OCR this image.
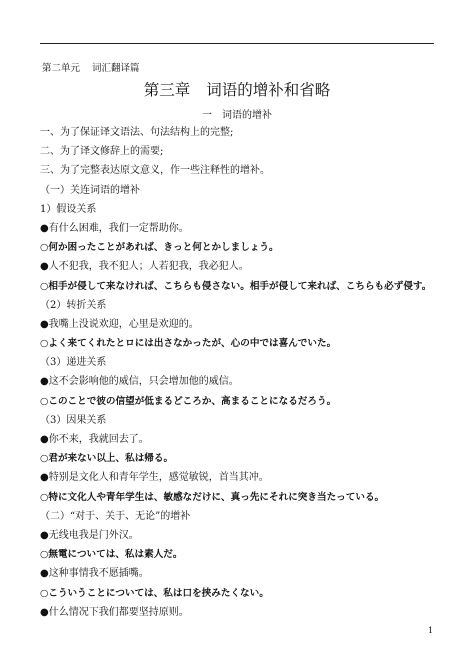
第二单元 词汇翻译篇
第三章 词语的增补和省略
一 词语的增补
一、为了保证译文语法、句法结构上的完整;
二、为了译文修辞上的需要;
三、为了完整表达原文意义，作一些注释性的增补。
（一）关连词语的增补
1）假设关系
●有什么困难，我们一定帮助你。
○何か困ったことがあれば、きっと何とかしましょう。
●人不犯我，我不犯人；人若犯我，我必犯人。
○相手が侵して来なければ、こちらも侵さない。相手が侵して来れば、こちらも必ず侵す。
（2）转折关系
●我嘴上没说欢迎，心里是欢迎的。
○よく来てくれたとロには出さなかったが、心の中では喜んでいた。
（3）递进关系
●这不会影响他的威信，只会增加他的威信。
○このことで彼の信望が低まるどころか、高まることになるだろう。
（3）因果关系
●你不来，我就回去了。
○君が来ない以上、私は帰る。
●特别是文化人和青年学生，感觉敏锐，首当其冲。
○特に文化人や青年学生は、敏感なだけに、真っ先にそれに突き当たっている。
（二）“对于、关于、无论”的增补
●无线电我是门外汉。
○無電については、私は素人だ。
●这种事情我不愿插嘴。
○こういうことについては、私は口を挟みたくない。
●什么情况下我们都要坚持原则。
1
